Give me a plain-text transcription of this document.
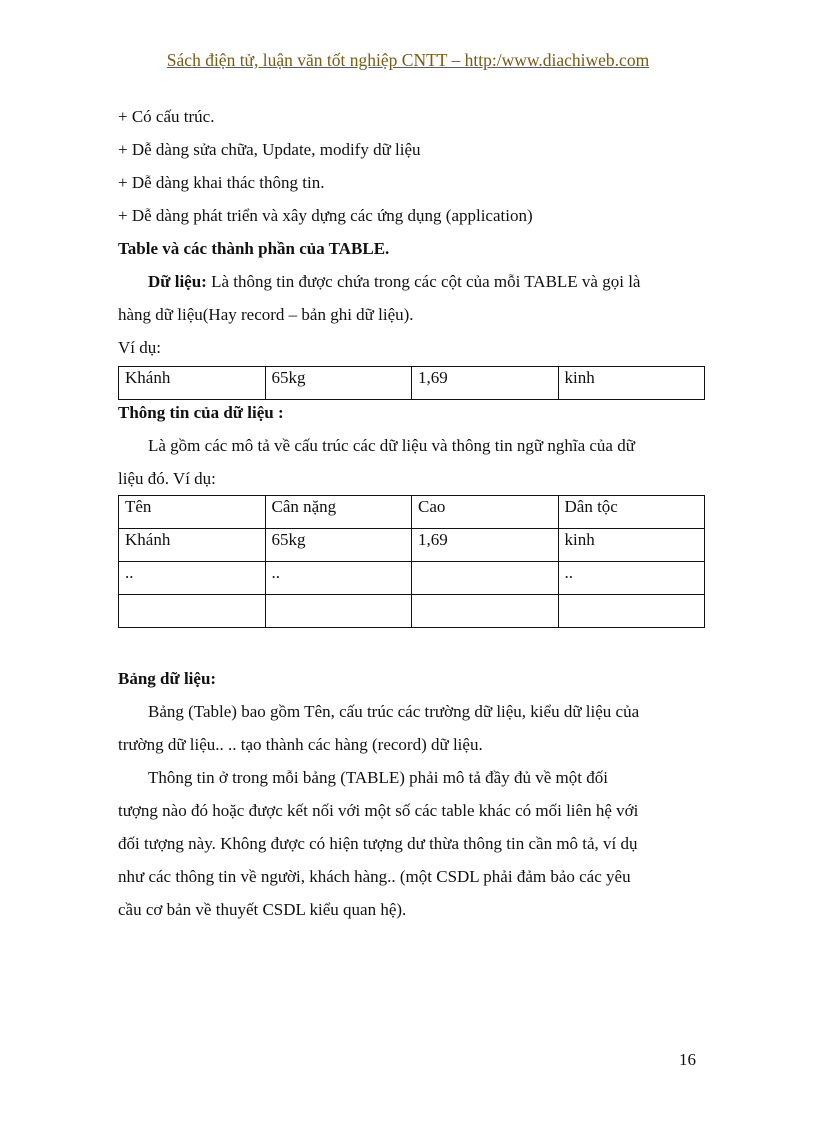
Sách điện tử, luận văn tốt nghiệp CNTT – http:/www.diachiweb.com
+ Có cấu trúc.
+ Dễ dàng sửa chữa, Update, modify dữ liệu
+ Dễ dàng khai thác thông tin.
+ Dễ dàng phát triển và xây dựng các ứng dụng (application)
Table và các thành phần của TABLE.
Dữ liệu: Là thông tin được chứa trong các cột của mỗi TABLE và gọi là
hàng dữ liệu(Hay record – bản ghi dữ liệu).
Ví dụ:
Khánh	65kg	1,69	kinh
Thông tin của dữ liệu :
Là gồm các mô tả về cấu trúc các dữ liệu và thông tin ngữ nghĩa của dữ
liệu đó. Ví dụ:
Tên	Cân nặng	Cao	Dân tộc
Khánh	65kg	1,69	kinh
..	..		..

Bảng dữ liệu:
Bảng (Table) bao gồm Tên, cấu trúc các trường dữ liệu, kiểu dữ liệu của
trường dữ liệu.. .. tạo thành các hàng (record) dữ liệu.
Thông tin ở trong mỗi bảng (TABLE) phải mô tả đầy đủ về một đối
tượng nào đó hoặc được kết nối với một số các table khác có mối liên hệ với
đối tượng này. Không được có hiện tượng dư thừa thông tin cần mô tả, ví dụ
như các thông tin về người, khách hàng.. (một CSDL phải đảm bảo các yêu
cầu cơ bản về thuyết CSDL kiểu quan hệ).
16
